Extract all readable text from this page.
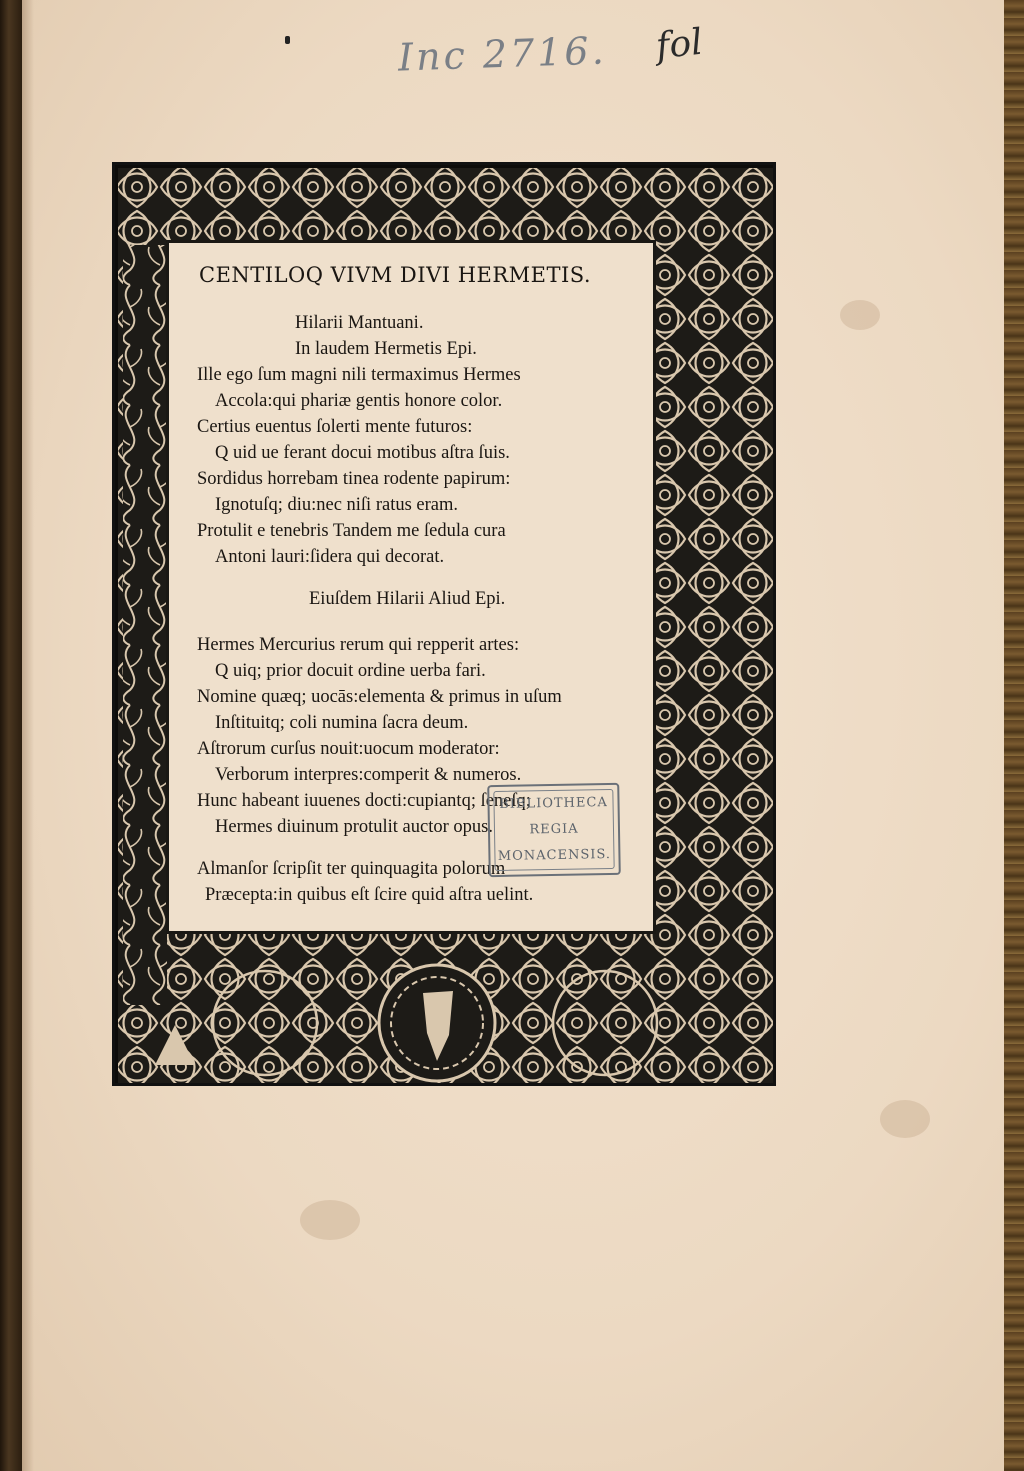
Inc 2716. fol
CENTILOQ VIVM DIVI HERMETIS.
Hilarii Mantuani.
In laudem Hermetis Epi.
Ille ego ſum magni nili termaximus Hermes
Accola:qui phariæ gentis honore color.
Certius euentus ſolerti mente futuros:
Q uid ue ferant docui motibus aſtra ſuis.
Sordidus horrebam tinea rodente papirum:
Ignotuſq; diu:nec niſi ratus eram.
Protulit e tenebris Tandem me ſedula cura
Antoni lauri:ſidera qui decorat.
Eiuſdem Hilarii Aliud Epi.
Hermes Mercurius rerum qui repperit artes:
Q uiq; prior docuit ordine uerba fari.
Nomine quæq; uocās:elementa & primus in uſum
Inſtituitq; coli numina ſacra deum.
Aſtrorum curſus nouit:uocum moderator:
Verborum interpres:comperit & numeros.
Hunc habeant iuuenes docti:cupiantq; ſeneſq;
Hermes diuinum protulit auctor opus.
Almanſor ſcripſit ter quinquagita polorum
Præcepta:in quibus eſt ſcire quid aſtra uelint.
BIBLIOTHECA
REGIA
MONACENSIS.
